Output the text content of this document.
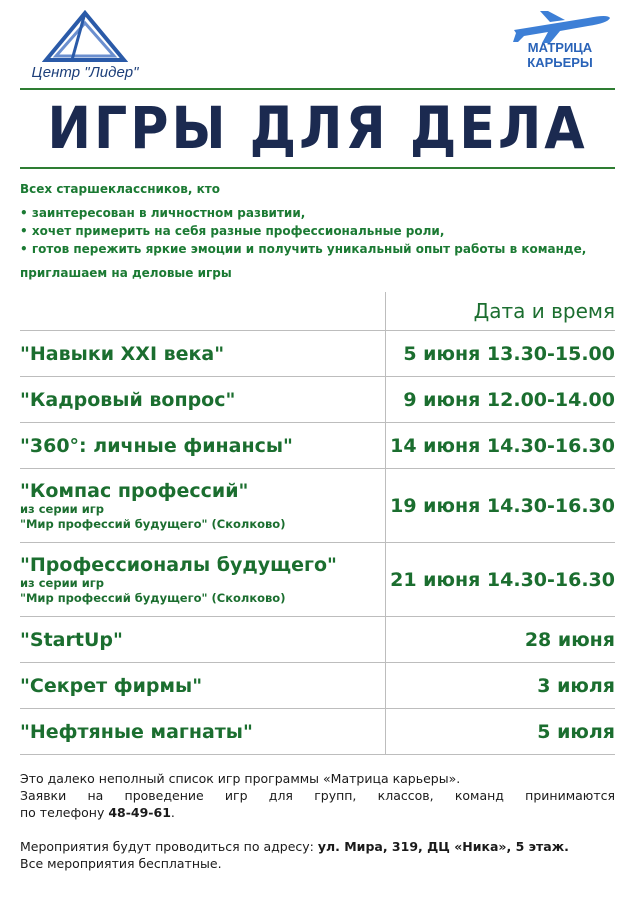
Центр "Лидер"
МАТРИЦА
КАРЬЕРЫ
ИГРЫ ДЛЯ ДЕЛА
Всех старшеклассников, кто
• заинтересован в личностном развитии,
• хочет примерить на себя разные профессиональные роли,
• готов пережить яркие эмоции и получить уникальный опыт работы в команде,
приглашаем на деловые игры
	Дата и время

"Навыки XXI века"	5 июня 13.30-15.00

"Кадровый вопрос"	9 июня 12.00-14.00

"360°: личные финансы"	14 июня 14.30-16.30

"Компас профессий"
из серии игр
"Мир профессий будущего" (Сколково)	19 июня 14.30-16.30

"Профессионалы будущего"
из серии игр
"Мир профессий будущего" (Сколково)	21 июня 14.30-16.30

"StartUp"	28 июня

"Секрет фирмы"	3 июля

"Нефтяные магнаты"	5 июля

Это далеко неполный список игр программы «Матрица карьеры».

Заявки на проведение игр для групп, классов, команд принимаются

по телефону 48-49-61.

Мероприятия будут проводиться по адресу: ул. Мира, 319, ДЦ «Ника», 5 этаж.

Все мероприятия бесплатные.
